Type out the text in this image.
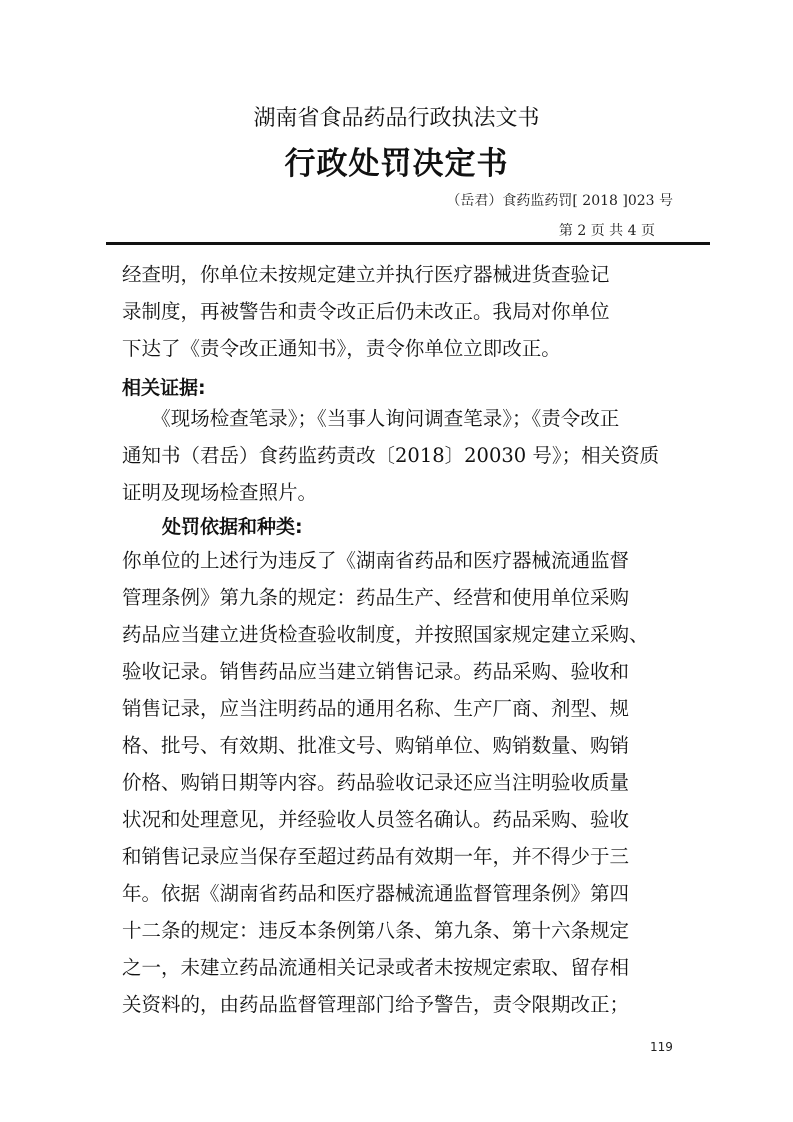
湖南省食品药品行政执法文书
行政处罚决定书
（岳君）食药监药罚[ 2018 ]023 号
第 2 页 共 4 页
经查明，你单位未按规定建立并执行医疗器械进货查验记
录制度，再被警告和责令改正后仍未改正。我局对你单位
下达了《责令改正通知书》，责令你单位立即改正。
相关证据:
　　《现场检查笔录》；《当事人询问调查笔录》；《责令改正
通知书（君岳）食药监药责改〔2018〕20030 号》；相关资质
证明及现场检查照片。
处罚依据和种类:
你单位的上述行为违反了《湖南省药品和医疗器械流通监督
管理条例》第九条的规定：药品生产、经营和使用单位采购
药品应当建立进货检查验收制度，并按照国家规定建立采购、
验收记录。销售药品应当建立销售记录。药品采购、验收和
销售记录，应当注明药品的通用名称、生产厂商、剂型、规
格、批号、有效期、批准文号、购销单位、购销数量、购销
价格、购销日期等内容。药品验收记录还应当注明验收质量
状况和处理意见，并经验收人员签名确认。药品采购、验收
和销售记录应当保存至超过药品有效期一年，并不得少于三
年。依据《湖南省药品和医疗器械流通监督管理条例》第四
十二条的规定：违反本条例第八条、第九条、第十六条规定
之一，未建立药品流通相关记录或者未按规定索取、留存相
关资料的，由药品监督管理部门给予警告，责令限期改正；
119
